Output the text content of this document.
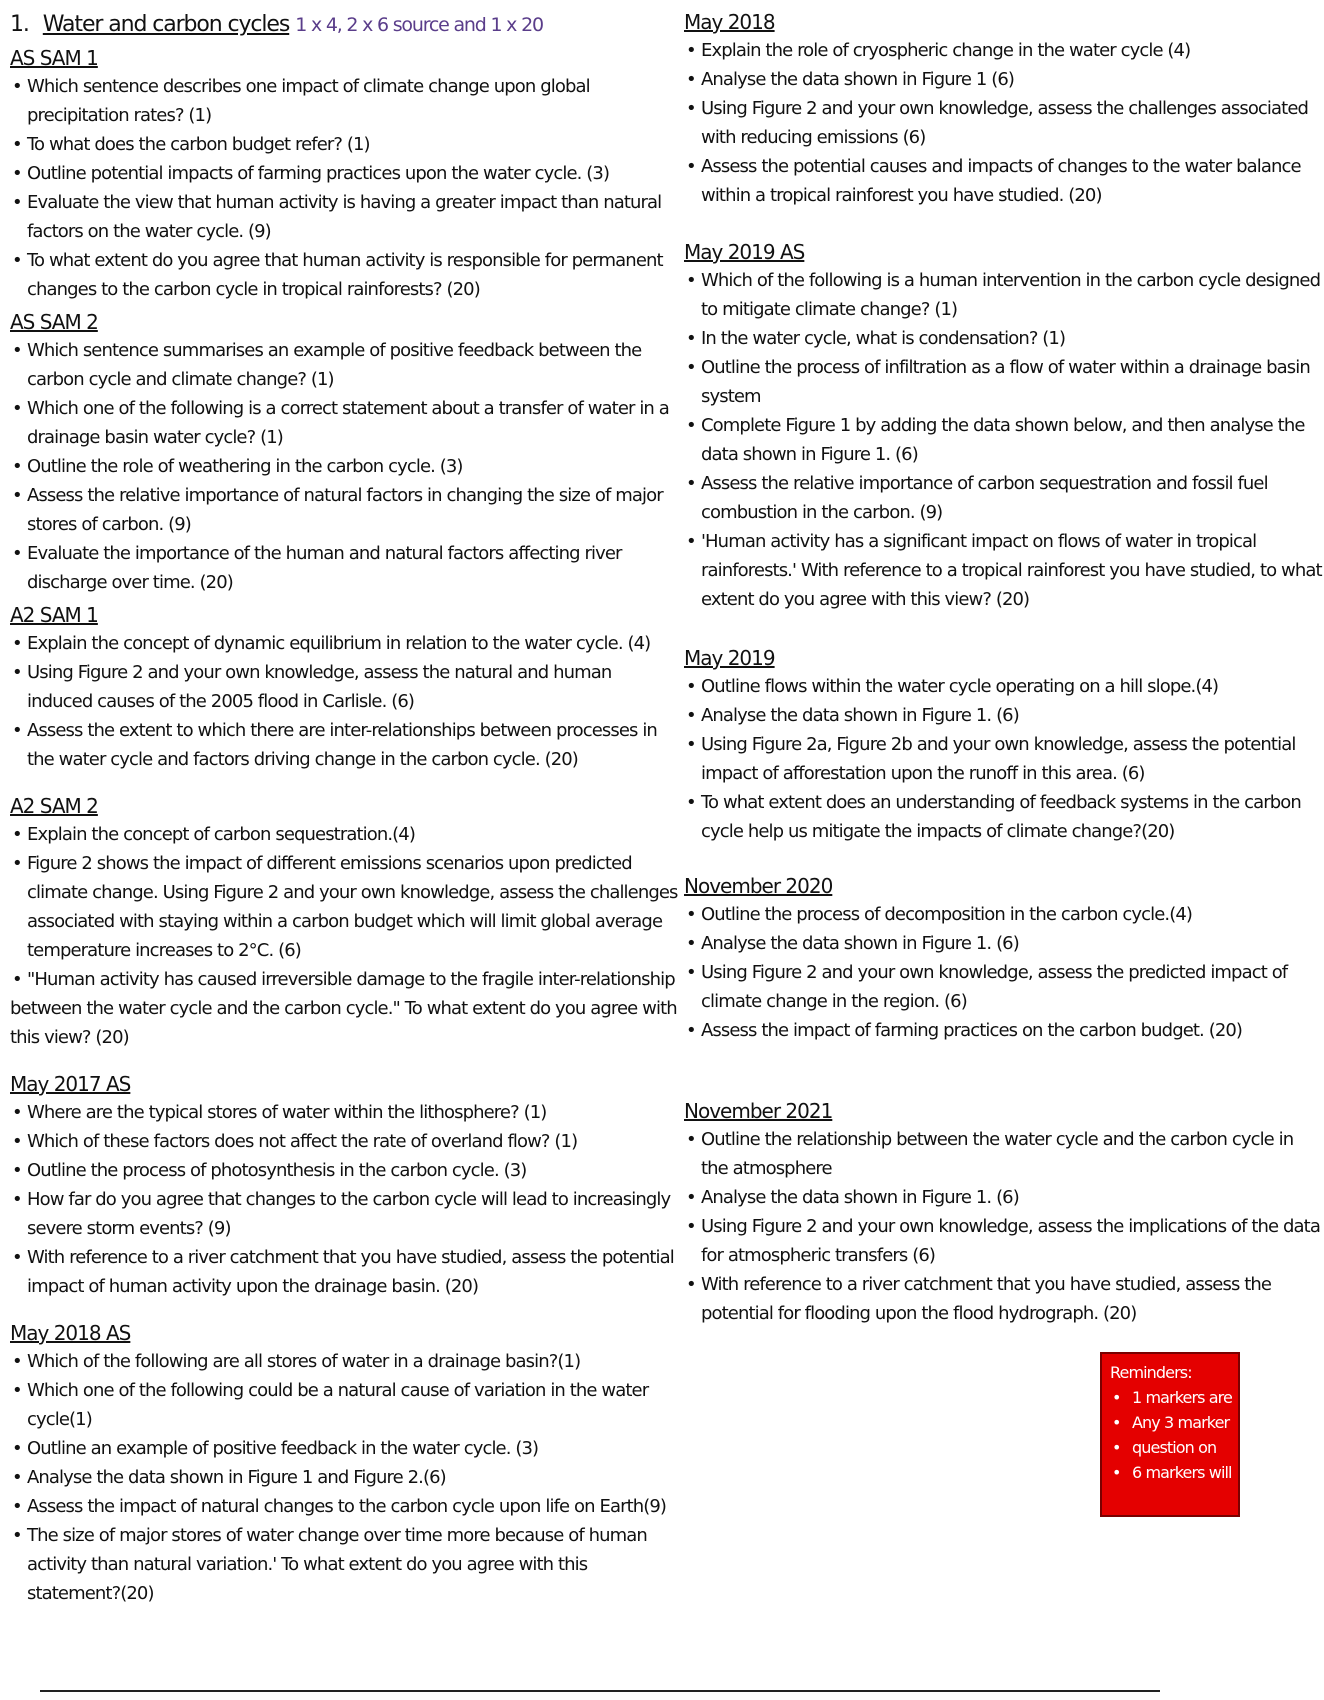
1. Water and carbon cycles 1 x 4, 2 x 6 source and 1 x 20
AS SAM 1
• Which sentence describes one impact of climate change upon global precipitation rates? (1)
• To what does the carbon budget refer? (1)
• Outline potential impacts of farming practices upon the water cycle. (3)
• Evaluate the view that human activity is having a greater impact than natural factors on the water cycle. (9)
• To what extent do you agree that human activity is responsible for permanent changes to the carbon cycle in tropical rainforests? (20)
AS SAM 2
• Which sentence summarises an example of positive feedback between the carbon cycle and climate change? (1)
• Which one of the following is a correct statement about a transfer of water in a drainage basin water cycle? (1)
• Outline the role of weathering in the carbon cycle. (3)
• Assess the relative importance of natural factors in changing the size of major stores of carbon. (9)
• Evaluate the importance of the human and natural factors affecting river discharge over time. (20)
A2 SAM 1
• Explain the concept of dynamic equilibrium in relation to the water cycle. (4)
• Using Figure 2 and your own knowledge, assess the natural and human induced causes of the 2005 flood in Carlisle. (6)
• Assess the extent to which there are inter-relationships between processes in the water cycle and factors driving change in the carbon cycle. (20)
A2 SAM 2
• Explain the concept of carbon sequestration.(4)
• Figure 2 shows the impact of different emissions scenarios upon predicted climate change. Using Figure 2 and your own knowledge, assess the challenges associated with staying within a carbon budget which will limit global average temperature increases to 2°C. (6)
• "Human activity has caused irreversible damage to the fragile inter-relationship
between the water cycle and the carbon cycle." To what extent do you agree with this view? (20)
May 2017 AS
• Where are the typical stores of water within the lithosphere? (1)
• Which of these factors does not affect the rate of overland flow? (1)
• Outline the process of photosynthesis in the carbon cycle. (3)
• How far do you agree that changes to the carbon cycle will lead to increasingly severe storm events? (9)
• With reference to a river catchment that you have studied, assess the potential impact of human activity upon the drainage basin. (20)
May 2018 AS
• Which of the following are all stores of water in a drainage basin?(1)
• Which one of the following could be a natural cause of variation in the water cycle(1)
• Outline an example of positive feedback in the water cycle. (3)
• Analyse the data shown in Figure 1 and Figure 2.(6)
• Assess the impact of natural changes to the carbon cycle upon life on Earth(9)
• The size of major stores of water change over time more because of human activity than natural variation.' To what extent do you agree with this statement?(20)
May 2018
• Explain the role of cryospheric change in the water cycle (4)
• Analyse the data shown in Figure 1 (6)
• Using Figure 2 and your own knowledge, assess the challenges associated with reducing emissions (6)
• Assess the potential causes and impacts of changes to the water balance within a tropical rainforest you have studied. (20)
May 2019 AS
• Which of the following is a human intervention in the carbon cycle designed to mitigate climate change? (1)
• In the water cycle, what is condensation? (1)
• Outline the process of infiltration as a flow of water within a drainage basin system
• Complete Figure 1 by adding the data shown below, and then analyse the data shown in Figure 1. (6)
• Assess the relative importance of carbon sequestration and fossil fuel combustion in the carbon. (9)
• 'Human activity has a significant impact on flows of water in tropical rainforests.' With reference to a tropical rainforest you have studied, to what extent do you agree with this view? (20)
May 2019
• Outline flows within the water cycle operating on a hill slope.(4)
• Analyse the data shown in Figure 1. (6)
• Using Figure 2a, Figure 2b and your own knowledge, assess the potential impact of afforestation upon the runoff in this area. (6)
• To what extent does an understanding of feedback systems in the carbon cycle help us mitigate the impacts of climate change?(20)
November 2020
• Outline the process of decomposition in the carbon cycle.(4)
• Analyse the data shown in Figure 1. (6)
• Using Figure 2 and your own knowledge, assess the predicted impact of climate change in the region. (6)
• Assess the impact of farming practices on the carbon budget. (20)
November 2021
• Outline the relationship between the water cycle and the carbon cycle in the atmosphere
• Analyse the data shown in Figure 1. (6)
• Using Figure 2 and your own knowledge, assess the implications of the data for atmospheric transfers (6)
• With reference to a river catchment that you have studied, assess the potential for flooding upon the flood hydrograph. (20)
Reminders:
• 1 markers are
• Any 3 marker
• question on
• 6 markers will
